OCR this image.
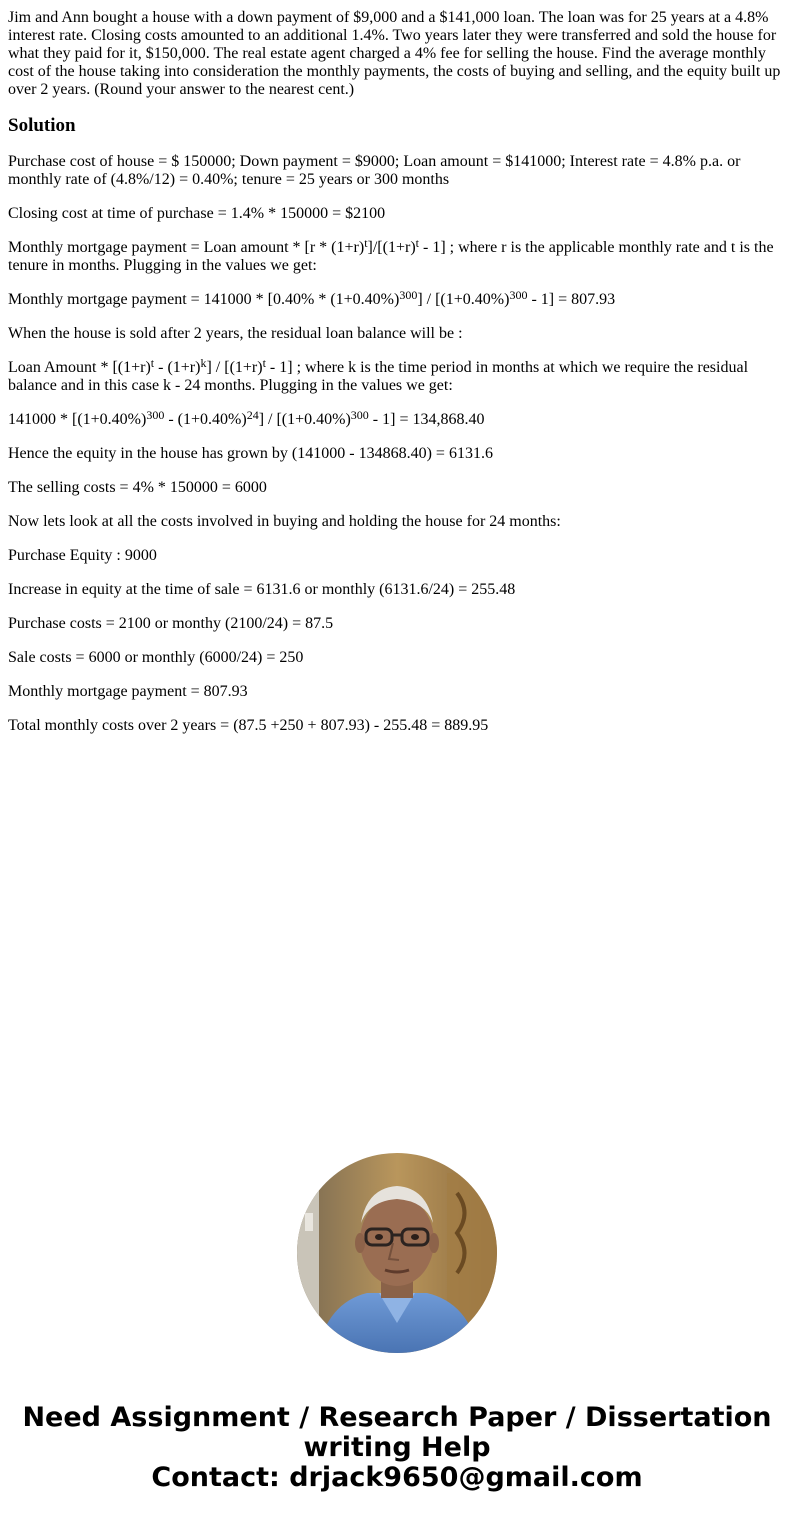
Jim and Ann bought a house with a down payment of $9,000 and a $141,000 loan. The loan was for 25 years at a 4.8% interest rate. Closing costs amounted to an additional 1.4%. Two years later they were transferred and sold the house for what they paid for it, $150,000. The real estate agent charged a 4% fee for selling the house. Find the average monthly cost of the house taking into consideration the monthly payments, the costs of buying and selling, and the equity built up over 2 years. (Round your answer to the nearest cent.)

Solution

Purchase cost of house = $ 150000; Down payment = $9000; Loan amount = $141000; Interest rate = 4.8% p.a. or monthly rate of (4.8%/12) = 0.40%; tenure = 25 years or 300 months

Closing cost at time of purchase = 1.4% * 150000 = $2100

Monthly mortgage payment = Loan amount * $[r * (1+r)^t]/[(1+r)^t - 1]$ ; where r is the applicable monthly rate and t is the tenure in months. Plugging in the values we get:

Monthly mortgage payment = $141000 * [0.40\% * (1+0.40\%)^{300}] / [(1+0.40\%)^{300} - 1] = 807.93$

When the house is sold after 2 years, the residual loan balance will be :

Loan Amount * $[(1+r)^t - (1+r)^k] / [(1+r)^t - 1]$ ; where k is the time period in months at which we require the residual balance and in this case k - 24 months. Plugging in the values we get:

$141000 * [(1+0.40\%)^{300} - (1+0.40\%)^{24}] / [(1+0.40\%)^{300} - 1] = 134,868.40$

Hence the equity in the house has grown by (141000 - 134868.40) = 6131.6

The selling costs = 4% * 150000 = 6000

Now lets look at all the costs involved in buying and holding the house for 24 months:

Purchase Equity : 9000

Increase in equity at the time of sale = 6131.6 or monthly (6131.6/24) = 255.48

Purchase costs = 2100 or monthy (2100/24) = 87.5

Sale costs = 6000 or monthly (6000/24) = 250

Monthly mortgage payment = 807.93

Total monthly costs over 2 years = (87.5 +250 + 807.93) - 255.48 = 889.95

Need Assignment / Research Paper / Dissertation
writing Help
Contact: drjack9650@gmail.com
